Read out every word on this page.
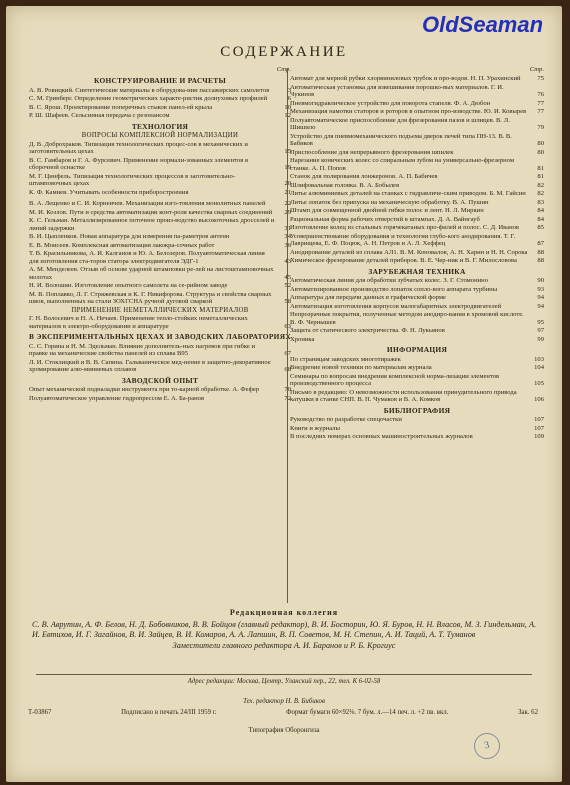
OldSeaman
СОДЕРЖАНИЕ
Стр.
КОНСТРУИРОВАНИЕ И РАСЧЕТЫ
А. В. Ровицкий. Синтетические материалы в оборудова-нии пассажирских самолетов	3
С. М. Гринберг. Определение геометрических характе-ристик долнуховых профилей	6
В. С. Ярош. Проектирование поперечных стыков панел-ей крыла	10
Р. Ш. Шафеев. Сельсинная передача с резонансом	12
ТЕХНОЛОГИЯ
ВОПРОСЫ КОМПЛЕКСНОЙ НОРМАЛИЗАЦИИ
Д. В. Доброхраков. Типизация технологических процес-сов в механических и заготовительных цехах	15
В. С. Гамбаров и Г. А. Фурсевич. Применение нормали-зованных элементов в сборочной оснастке	19
М. Г. Цинфель. Типизация технологических процессов в заготовительно-штамповочных цехах	20
К. Ф. Камнев. Учитывать особенности приборостроения	21
В. А. Лещенко и С. И. Корнеичев. Механизация изго-товления монолитных панелей	22
М. И. Козлов. Пути и средства автоматизации конт-роля качества сварных соединений	29
К. С. Гельман. Металлизированное поточное произ-водство высокоточных дросселей и линий задержки	31
В. И. Цыпленков. Новая аппаратура для измерения па-раметров антенн	34
Е. В. Моисеев. Комплексная автоматизация лакокра-сочных работ	36
Т. В. Красильникова, А. И. Калганов и Ю. А. Белозеров. Полуавтоматическая линия для изготовления ста-тоpов статора электродвигателя ЭДГ-1	43
А. М. Менделеев. Отзыв об основе ударной штамповки ре-лей на листоштамповочных молотах	45
Н. И. Волошин. Изготовление опытного самолета на се-рийном заводе	52
М. В. Поплавко, Л. Г. Стряжевская и К. Г. Никифорова. Структура и свойства сварных швов, выполненных на стали ЗОХГСНА ручной дуговой сваркой	58
ПРИМЕНЕНИЕ НЕМЕТАЛЛИЧЕСКИХ МАТЕРИАЛОВ
Г. Н. Волосевич и Н. А. Нечаев. Применение тепло-стойких неметаллических материалов в электро-оборудовании и аппаратуре	63
В ЭКСПЕРИМЕНТАЛЬНЫХ ЦЕХАХ И ЗАВОДСКИХ ЛАБОРАТОРИЯХ
С. С. Горина и Н. М. Эдельман. Влияние дополнитель-ных нагревов при гибке и правке на механические свойства панелей из сплава В95	67
Л. И. Стоклицкий и В. В. Сапина. Гальваническое мед-нение в защитно-декоративное хромирование алю-миниевых сплавов	68
ЗАВОДСКОЙ ОПЫТ
Опыт механической подналадки инструмента при то-карной обработке. А. Фефер	70
Полуавтоматическое управление гидропрессом Е. А. Ба-ранов	72
Стр.
Автомат для мерной рубки хлорвиниловых трубок и про-водов. Н. П. Урахинский	75
Автоматическая установка для взвешивания порошко-вых материалов. Г. И. Чукинов	76
Пневмогидравлическое устройство для поворота стапеля. Ф. А. Дюбон	77
Механизация намотки статоров и роторов в опытном про-изводстве. Ю. И. Ковырев	77
Полуавтоматическое приспособление для фрезерования пазов и шлицев. В. Л. Шишило	79
Устройство для пневмомеханического подъема дверок печей типа ПН-13. В. В. Бабиков	80
Приспособление для непрерывного фрезерования шпилек	80
Нарезание конических колес со спиральным зубом на универсально-фрезерном станке. А. П. Попов	81
Станок для полирования лонжеронов. А. П. Бабичев	81
Шлифовальная головка. В. А. Бобылев	82
Литье алюминиевых деталей на станках с гидравличе-ским приводом. Б. М. Гайсин	82
Литье лопаток без припуска на механическую обработку. В. А. Пушин	83
Штамп для совмещенной двойной гибки полос и лент. Н. Л. Миркин	84
Рациональная форма рабочих отверстий в штампах. Д. А. Вайнгауб	84
Изготовление колец из стальных горячекатаных про-филей и полос. С. Д. Иванов	85
Усовершенствование оборудования и технологии глубо-кого анодирования. Т. Г. Лаврищева, Е. Ф. Поцюк, А. Н. Петров и А. Л. Хеффец	87
Анодирование деталей из сплава АЛ1. В. М. Коновалов, А. Н. Харин и Н. Н. Сорока	88
Химическое фрезерование деталей приборов. В. Е. Чер-ник и В. Г. Милословова	88
ЗАРУБЕЖНАЯ ТЕХНИКА
Автоматическая линия для обработки зубчатых колес. З. Г. Стомонино	90
Автоматизированное производство лопаток сопло-вого аппарата турбины	93
Аппаратура для передачи данных в графической форме	94
Автоматизация изготовления корпусов малогабаритных электродвигателей	94
Непрозрачные покрытия, полученные методом анодиро-вания в хромовой кислоте. В. Ф. Чернышев	95
Защита от статического электричества. Ф. Н. Лукьянов	97
Хроника	99
ИНФОРМАЦИЯ
По страницам заводских многотиражек	103
Внедрение новой техники по материалам журнала	104
Семинары по вопросам внедрения комплексной норма-лизации элементов производственного процесса	105
Письмо в редакцию: О невозможности использования принудительного привода катушки в станке СНП. В. П. Чумаков и В. А. Комков	106
БИБЛИОГРАФИЯ
Руководство по разработке спецочастки	107
Книги и журналы	107
В последних номерах основных машиностроительных журналов	109
Редакционная коллегия
С. В. Аврутин, А. Ф. Белов, Н. Д. Бобовников, В. В. Бойцов (главный редактор), В. И. Босторин, Ю. Я. Буров, Н. Н. Власов, М. З. Гиндельман, А. И. Евтихов, И. Г. Загайнов, В. И. Зайцев, В. И. Комаров, А. А. Лапшин, В. П. Советов, М. Н. Степин, А. И. Таций, А. Т. Туманов
Заместители главного редактора А. И. Баранов и Р. Б. Крогиус
Адрес редакции: Москва, Центр, Уланский пер., 22, тел. К 6-02-58
Тех. редактор Н. В. Бибиков
Т-03867	Подписано в печать 24/III 1959 г.	Формат бумаги 60×92⅛. 7 бум. л.—14 печ. л. +2 пв. вкл.	Зак. 62
Типография Оборонгиза
3
